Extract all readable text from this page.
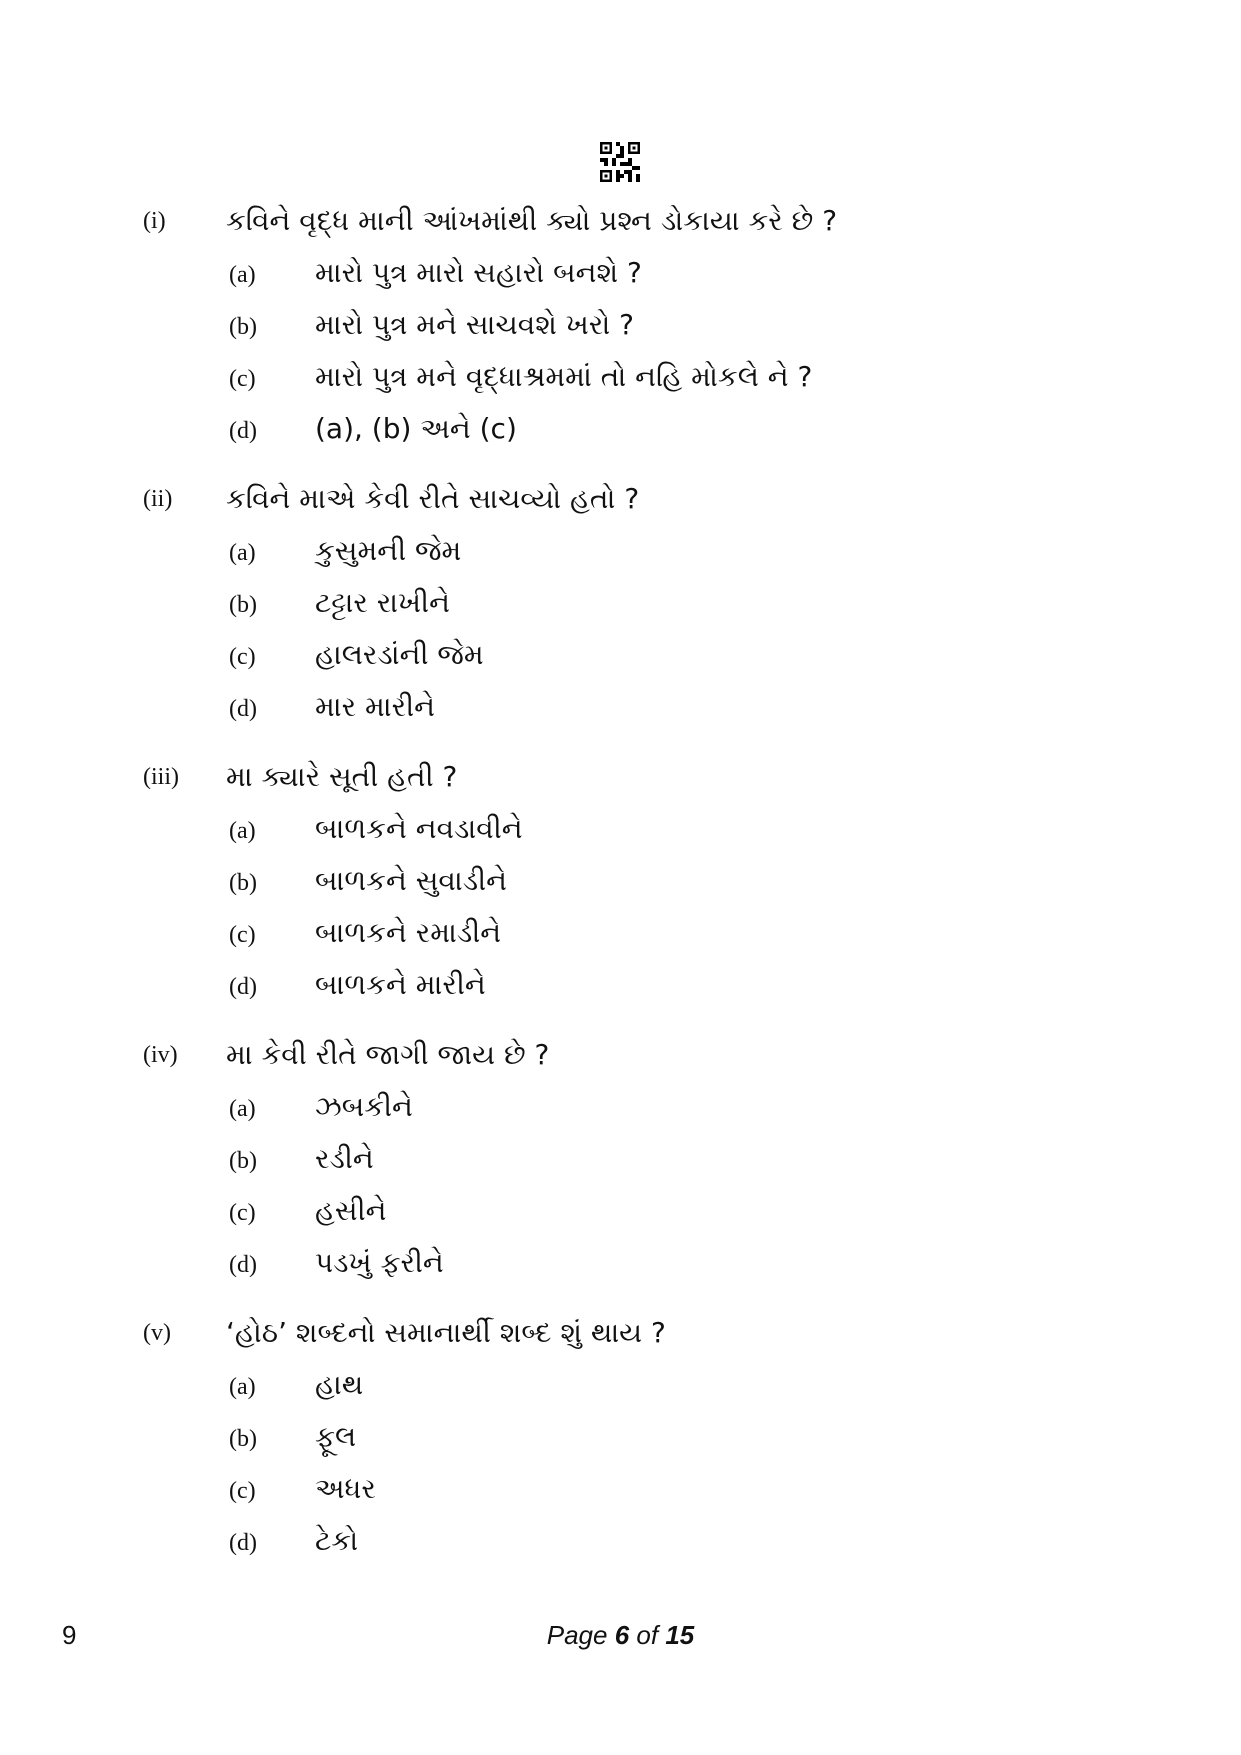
(i) કવિને વૃદ્ધ માની આંખમાંથી ક્યો પ્રશ્ન ડોકાયા કરે છે ?
(a) મારો પુત્ર મારો સહારો બનશે ?
(b) મારો પુત્ર મને સાચવશે ખરો ?
(c) મારો પુત્ર મને વૃદ્ધાશ્રમમાં તો નહિ મોકલે ને ?
(d) (a), (b) અને (c)
(ii) કવિને માએ કેવી રીતે સાચવ્યો હતો ?
(a) કુસુમની જેમ
(b) ટટ્ટાર રાખીને
(c) હાલરડાંની જેમ
(d) માર મારીને
(iii) મા ક્યારે સૂતી હતી ?
(a) બાળકને નવડાવીને
(b) બાળકને સુવાડીને
(c) બાળકને રમાડીને
(d) બાળકને મારીને
(iv) મા કેવી રીતે જાગી જાય છે ?
(a) ઝબકીને
(b) રડીને
(c) હસીને
(d) પડખું ફરીને
(v) ‘હોઠ’ શબ્દનો સમાનાર્થી શબ્દ શું થાય ?
(a) હાથ
(b) ફૂલ
(c) અધર
(d) ટેકો
9	Page 6 of 15
